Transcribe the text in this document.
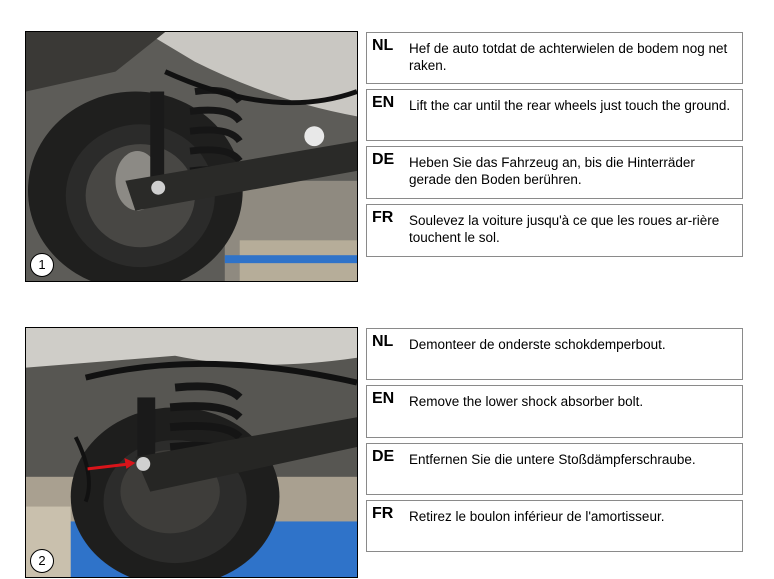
1
NL Hef de auto totdat de achterwielen de bodem nog net raken.
EN Lift the car until the rear wheels just touch the ground.
DE Heben Sie das Fahrzeug an, bis die Hinterräder gerade den Boden berühren.
FR Soulevez la voiture jusqu'à ce que les roues ar-rière touchent le sol.
2
NL Demonteer de onderste schokdemperbout.
EN Remove the lower shock absorber bolt.
DE Entfernen Sie die untere Stoßdämpferschraube.
FR Retirez le boulon inférieur de l'amortisseur.
